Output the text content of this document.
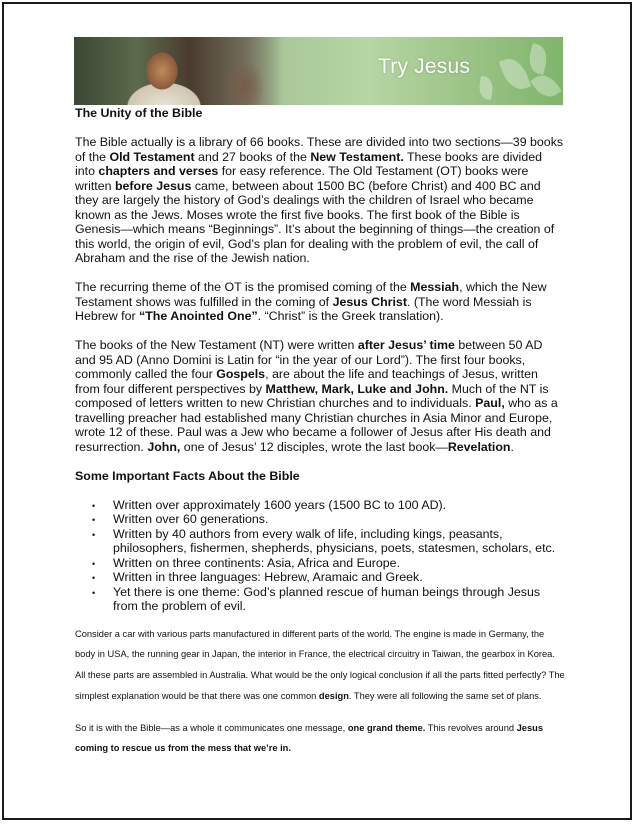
Try Jesus
The Unity of the Bible

The Bible actually is a library of 66 books. These are divided into two sections—39 books of the Old Testament and 27 books of the New Testament. These books are divided into chapters and verses for easy reference. The Old Testament (OT) books were written before Jesus came, between about 1500 BC (before Christ) and 400 BC and they are largely the history of God’s dealings with the children of Israel who became known as the Jews. Moses wrote the first five books. The first book of the Bible is Genesis—which means “Beginnings”. It’s about the beginning of things—the creation of this world, the origin of evil, God’s plan for dealing with the problem of evil, the call of Abraham and the rise of the Jewish nation.

The recurring theme of the OT is the promised coming of the Messiah, which the New Testament shows was fulfilled in the coming of Jesus Christ. (The word Messiah is Hebrew for “The Anointed One”. “Christ” is the Greek translation).

The books of the New Testament (NT) were written after Jesus’ time between 50 AD and 95 AD (Anno Domini is Latin for “in the year of our Lord”). The first four books, commonly called the four Gospels, are about the life and teachings of Jesus, written from four different perspectives by Matthew, Mark, Luke and John. Much of the NT is composed of letters written to new Christian churches and to individuals. Paul, who as a travelling preacher had established many Christian churches in Asia Minor and Europe, wrote 12 of these. Paul was a Jew who became a follower of Jesus after His death and resurrection. John, one of Jesus’ 12 disciples, wrote the last book—Revelation.

Some Important Facts About the Bible
• Written over approximately 1600 years (1500 BC to 100 AD).
• Written over 60 generations.
• Written by 40 authors from every walk of life, including kings, peasants, philosophers, fishermen, shepherds, physicians, poets, statesmen, scholars, etc.
• Written on three continents: Asia, Africa and Europe.
• Written in three languages: Hebrew, Aramaic and Greek.
• Yet there is one theme: God’s planned rescue of human beings through Jesus from the problem of evil.

Consider a car with various parts manufactured in different parts of the world. The engine is made in Germany, the body in USA, the running gear in Japan, the interior in France, the electrical circuitry in Taiwan, the gearbox in Korea. All these parts are assembled in Australia. What would be the only logical conclusion if all the parts fitted perfectly? The simplest explanation would be that there was one common design. They were all following the same set of plans.

So it is with the Bible—as a whole it communicates one message, one grand theme. This revolves around Jesus coming to rescue us from the mess that we’re in.
